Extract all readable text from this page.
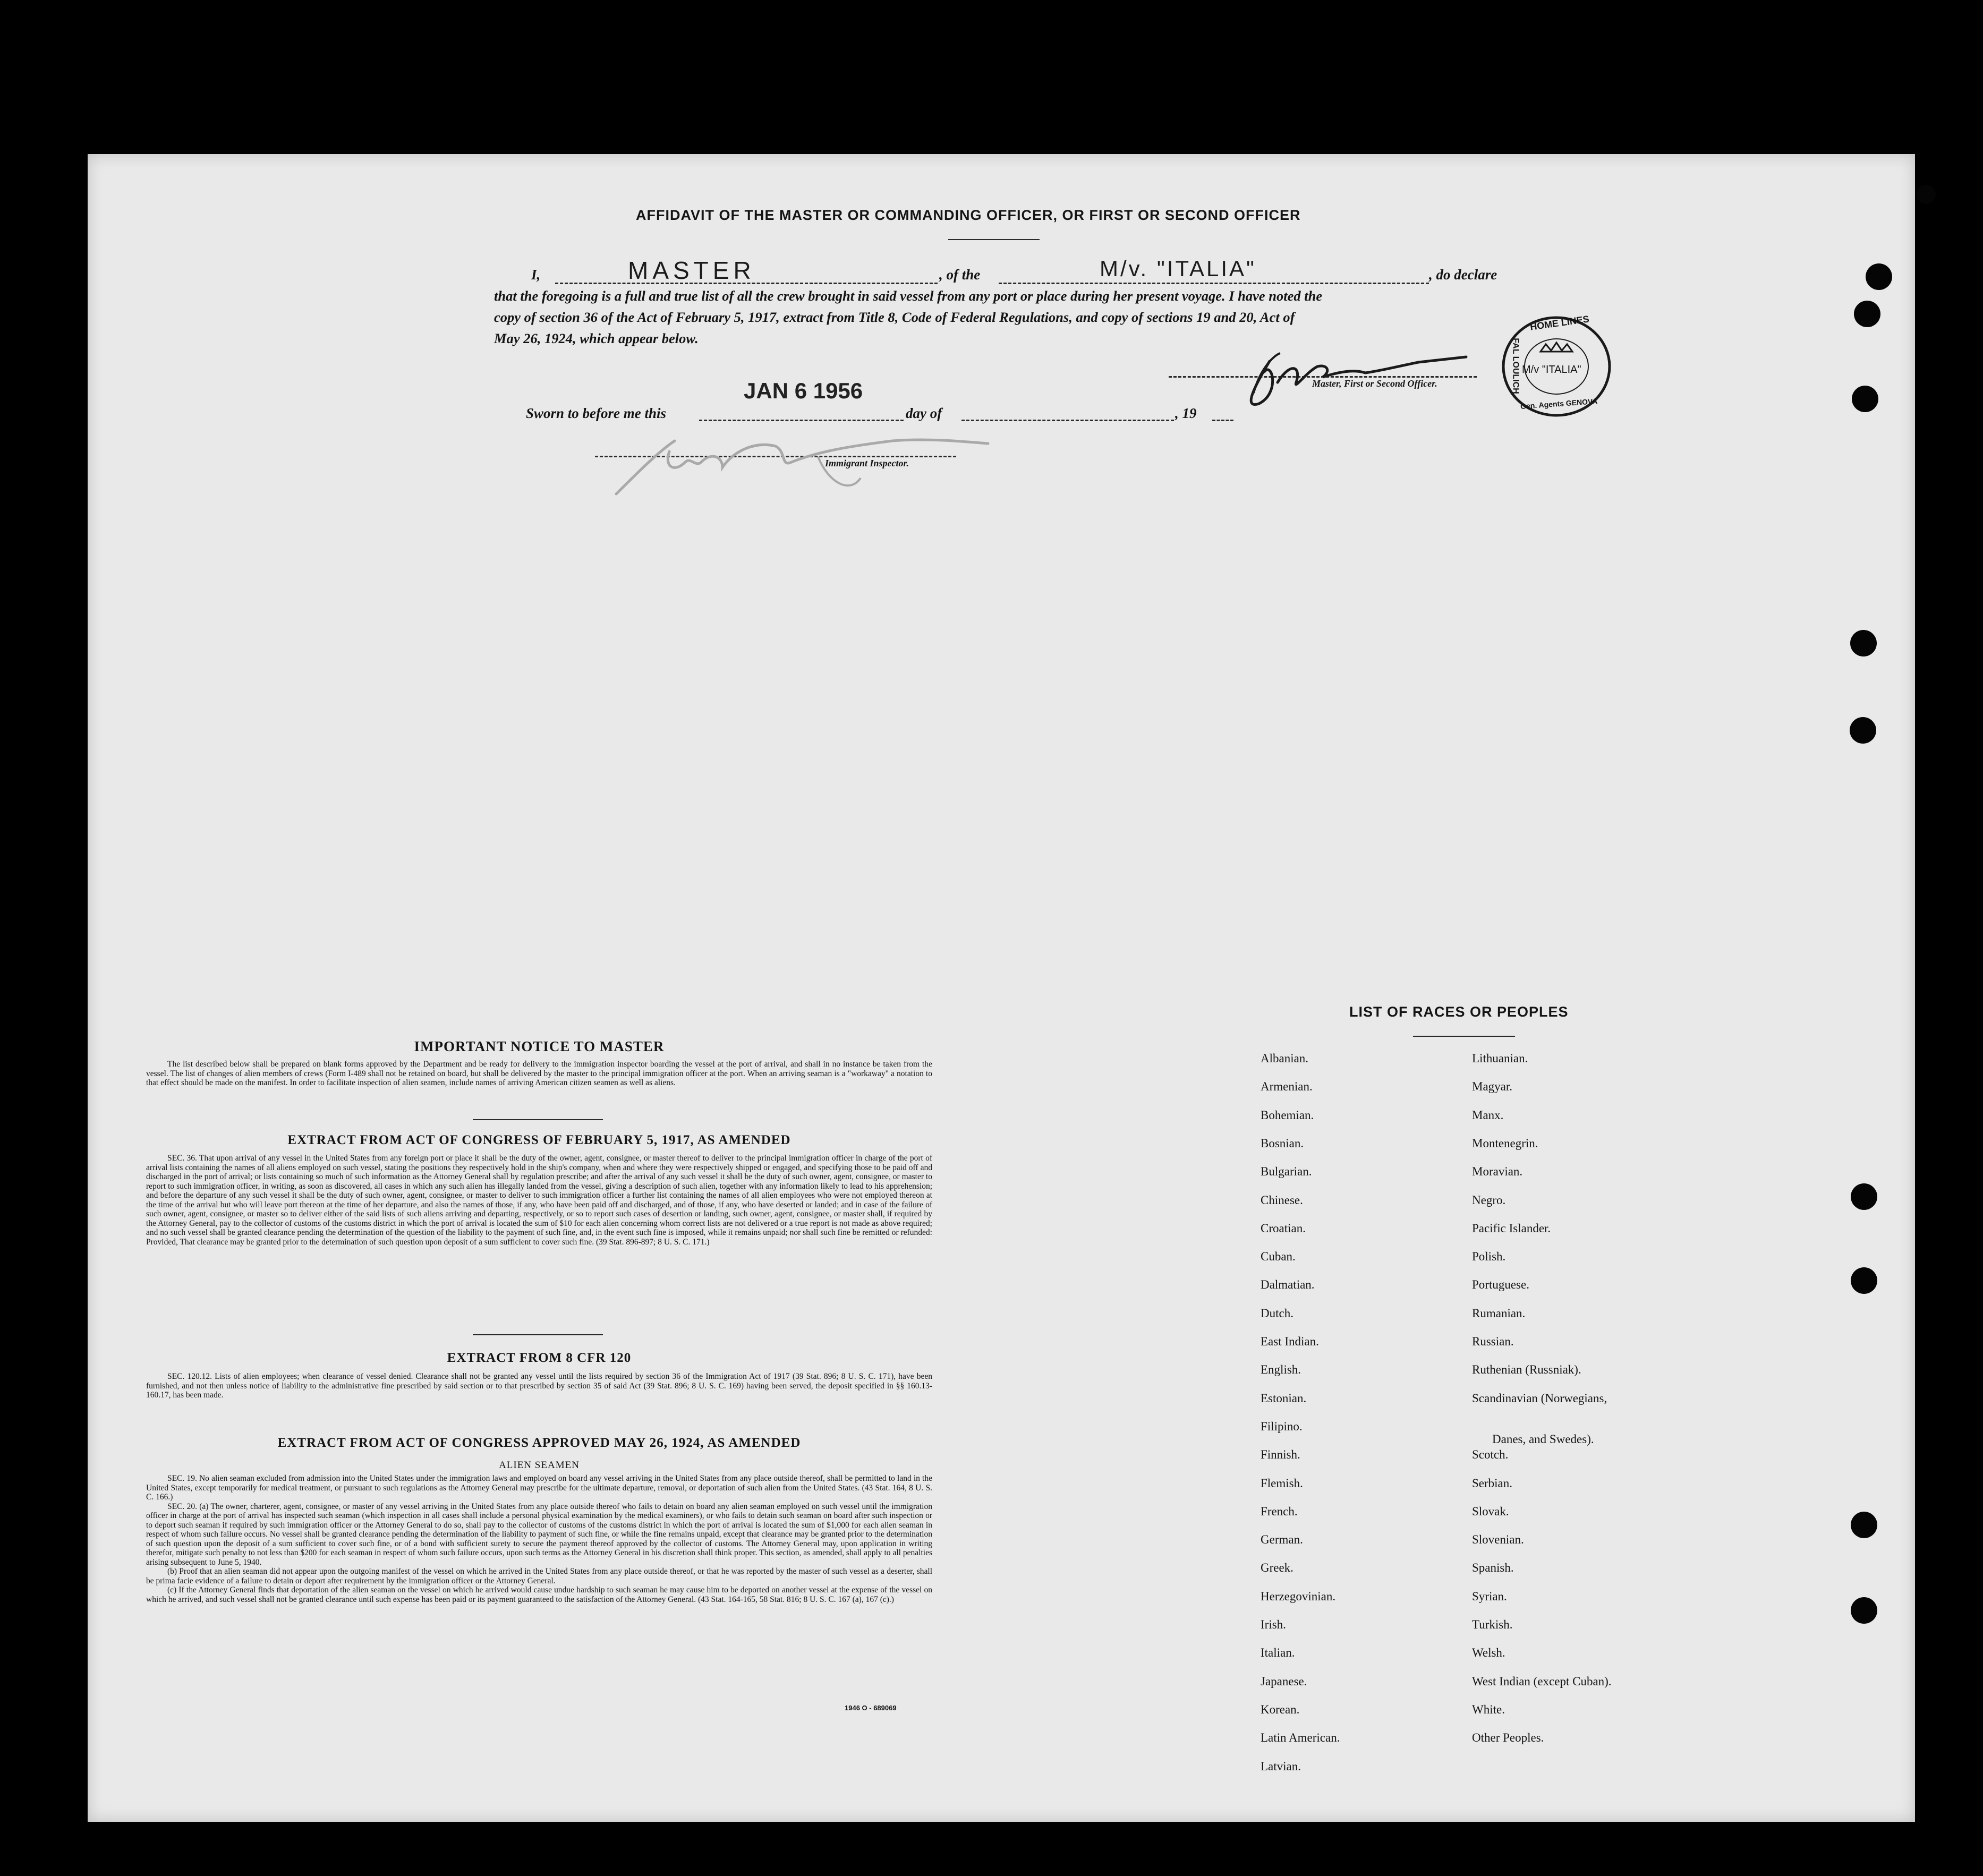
AFFIDAVIT OF THE MASTER OR COMMANDING OFFICER, OR FIRST OR SECOND OFFICER
I,	MASTER	, of the	M/v. "ITALIA"	, do declare
that the foregoing is a full and true list of all the crew brought in said vessel from any port or place during her present voyage. I have noted the
copy of section 36 of the Act of February 5, 1917, extract from Title 8, Code of Federal Regulations, and copy of sections 19 and 20, Act of
May 26, 1924, which appear below.
Master, First or Second Officer.
HOME LINES
FAL LOULICH M/v "ITALIA"
Gen. Agents GENOVA
Sworn to before me this
JAN 6 1956
day of	, 19
Immigrant Inspector.
IMPORTANT NOTICE TO MASTER

The list described below shall be prepared on blank forms approved by the Department and be ready for delivery to the immigration inspector boarding the vessel at the port of arrival, and shall in no instance be taken from the vessel. The list of changes of alien members of crews (Form I-489 shall not be retained on board, but shall be delivered by the master to the principal immigration officer at the port. When an arriving seaman is a "workaway" a notation to that effect should be made on the manifest. In order to facilitate inspection of alien seamen, include names of arriving American citizen seamen as well as aliens.

EXTRACT FROM ACT OF CONGRESS OF FEBRUARY 5, 1917, AS AMENDED

SEC. 36. That upon arrival of any vessel in the United States from any foreign port or place it shall be the duty of the owner, agent, consignee, or master thereof to deliver to the principal immigration officer in charge of the port of arrival lists containing the names of all aliens employed on such vessel, stating the positions they respectively hold in the ship's company, when and where they were respectively shipped or engaged, and specifying those to be paid off and discharged in the port of arrival; or lists containing so much of such information as the Attorney General shall by regulation prescribe; and after the arrival of any such vessel it shall be the duty of such owner, agent, consignee, or master to report to such immigration officer, in writing, as soon as discovered, all cases in which any such alien has illegally landed from the vessel, giving a description of such alien, together with any information likely to lead to his apprehension; and before the departure of any such vessel it shall be the duty of such owner, agent, consignee, or master to deliver to such immigration officer a further list containing the names of all alien employees who were not employed thereon at the time of the arrival but who will leave port thereon at the time of her departure, and also the names of those, if any, who have been paid off and discharged, and of those, if any, who have deserted or landed; and in case of the failure of such owner, agent, consignee, or master so to deliver either of the said lists of such aliens arriving and departing, respectively, or so to report such cases of desertion or landing, such owner, agent, consignee, or master shall, if required by the Attorney General, pay to the collector of customs of the customs district in which the port of arrival is located the sum of $10 for each alien concerning whom correct lists are not delivered or a true report is not made as above required; and no such vessel shall be granted clearance pending the determination of the question of the liability to the payment of such fine, and, in the event such fine is imposed, while it remains unpaid; nor shall such fine be remitted or refunded: Provided, That clearance may be granted prior to the determination of such question upon deposit of a sum sufficient to cover such fine. (39 Stat. 896-897; 8 U. S. C. 171.)

EXTRACT FROM 8 CFR 120

SEC. 120.12. Lists of alien employees; when clearance of vessel denied. Clearance shall not be granted any vessel until the lists required by section 36 of the Immigration Act of 1917 (39 Stat. 896; 8 U. S. C. 171), have been furnished, and not then unless notice of liability to the administrative fine prescribed by said section or to that prescribed by section 35 of said Act (39 Stat. 896; 8 U. S. C. 169) having been served, the deposit specified in §§ 160.13-160.17, has been made.

EXTRACT FROM ACT OF CONGRESS APPROVED MAY 26, 1924, AS AMENDED
ALIEN SEAMEN

SEC. 19. No alien seaman excluded from admission into the United States under the immigration laws and employed on board any vessel arriving in the United States from any place outside thereof, shall be permitted to land in the United States, except temporarily for medical treatment, or pursuant to such regulations as the Attorney General may prescribe for the ultimate departure, removal, or deportation of such alien from the United States. (43 Stat. 164, 8 U. S. C. 166.)

SEC. 20. (a) The owner, charterer, agent, consignee, or master of any vessel arriving in the United States from any place outside thereof who fails to detain on board any alien seaman employed on such vessel until the immigration officer in charge at the port of arrival has inspected such seaman (which inspection in all cases shall include a personal physical examination by the medical examiners), or who fails to detain such seaman on board after such inspection or to deport such seaman if required by such immigration officer or the Attorney General to do so, shall pay to the collector of customs of the customs district in which the port of arrival is located the sum of $1,000 for each alien seaman in respect of whom such failure occurs. No vessel shall be granted clearance pending the determination of the liability to payment of such fine, or while the fine remains unpaid, except that clearance may be granted prior to the determination of such question upon the deposit of a sum sufficient to cover such fine, or of a bond with sufficient surety to secure the payment thereof approved by the collector of customs. The Attorney General may, upon application in writing therefor, mitigate such penalty to not less than $200 for each seaman in respect of whom such failure occurs, upon such terms as the Attorney General in his discretion shall think proper. This section, as amended, shall apply to all penalties arising subsequent to June 5, 1940.

(b) Proof that an alien seaman did not appear upon the outgoing manifest of the vessel on which he arrived in the United States from any place outside thereof, or that he was reported by the master of such vessel as a deserter, shall be prima facie evidence of a failure to detain or deport after requirement by the immigration officer or the Attorney General.

(c) If the Attorney General finds that deportation of the alien seaman on the vessel on which he arrived would cause undue hardship to such seaman he may cause him to be deported on another vessel at the expense of the vessel on which he arrived, and such vessel shall not be granted clearance until such expense has been paid or its payment guaranteed to the satisfaction of the Attorney General. (43 Stat. 164-165, 58 Stat. 816; 8 U. S. C. 167 (a), 167 (c).)

1946 O - 689069
LIST OF RACES OR PEOPLES
Albanian.
Armenian.
Bohemian.
Bosnian.
Bulgarian.
Chinese.
Croatian.
Cuban.
Dalmatian.
Dutch.
East Indian.
English.
Estonian.
Filipino.
Finnish.
Flemish.
French.
German.
Greek.
Herzegovinian.
Irish.
Italian.
Japanese.
Korean.
Latin American.
Latvian.
Lithuanian.
Magyar.
Manx.
Montenegrin.
Moravian.
Negro.
Pacific Islander.
Polish.
Portuguese.
Rumanian.
Russian.
Ruthenian (Russniak).
Scandinavian (Norwegians,
Danes, and Swedes).
Scotch.
Serbian.
Slovak.
Slovenian.
Spanish.
Syrian.
Turkish.
Welsh.
West Indian (except Cuban).
White.
Other Peoples.
